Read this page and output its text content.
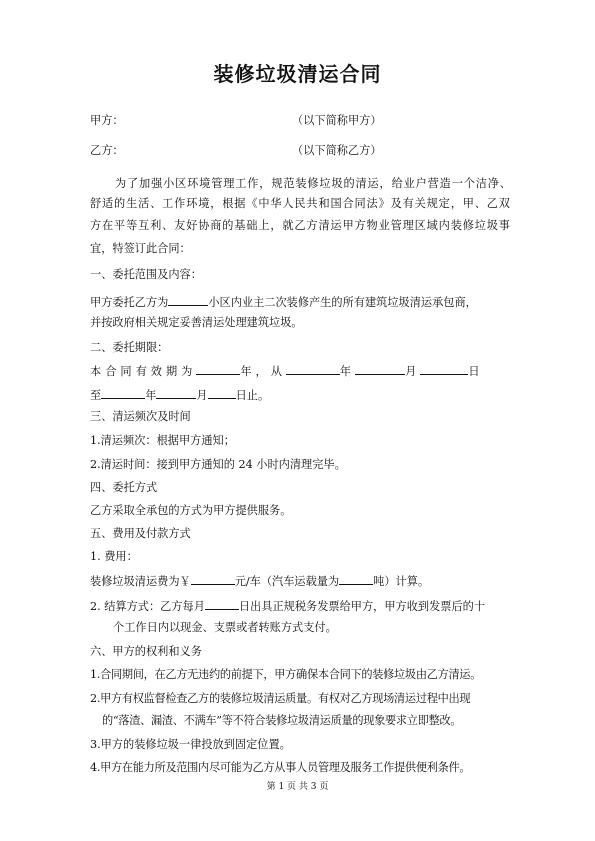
装修垃圾清运合同
甲方：	（以下简称甲方）
乙方：	（以下简称乙方）
为了加强小区环境管理工作，规范装修垃圾的清运，给业户营造一个洁净、
舒适的生活、工作环境，根据《中华人民共和国合同法》及有关规定，甲、乙双
方在平等互利、友好协商的基础上，就乙方清运甲方物业管理区域内装修垃圾事
宜，特签订此合同：
一、委托范围及内容：
甲方委托乙方为	小区内业主二次装修产生的所有建筑垃圾清运承包商，
并按政府相关规定妥善清运处理建筑垃圾。
二、委托期限：
本合同有效期为	年，从	年	月	日
至	年	月	日止。
三、清运频次及时间
1.清运频次：根据甲方通知；
2.清运时间：接到甲方通知的 24 小时内清理完毕。
四、委托方式
乙方采取全承包的方式为甲方提供服务。
五、费用及付款方式
1. 费用：
装修垃圾清运费为￥	元/车（汽车运载量为	吨）计算。
2. 结算方式：乙方每月	日出具正规税务发票给甲方，甲方收到发票后的十
个工作日内以现金、支票或者转账方式支付。
六、甲方的权利和义务
1.合同期间，在乙方无违约的前提下，甲方确保本合同下的装修垃圾由乙方清运。
2.甲方有权监督检查乙方的装修垃圾清运质量。有权对乙方现场清运过程中出现
的“落渣、漏渣、不满车”等不符合装修垃圾清运质量的现象要求立即整改。
3.甲方的装修垃圾一律投放到固定位置。
4.甲方在能力所及范围内尽可能为乙方从事人员管理及服务工作提供便利条件。
第 1 页 共 3 页
